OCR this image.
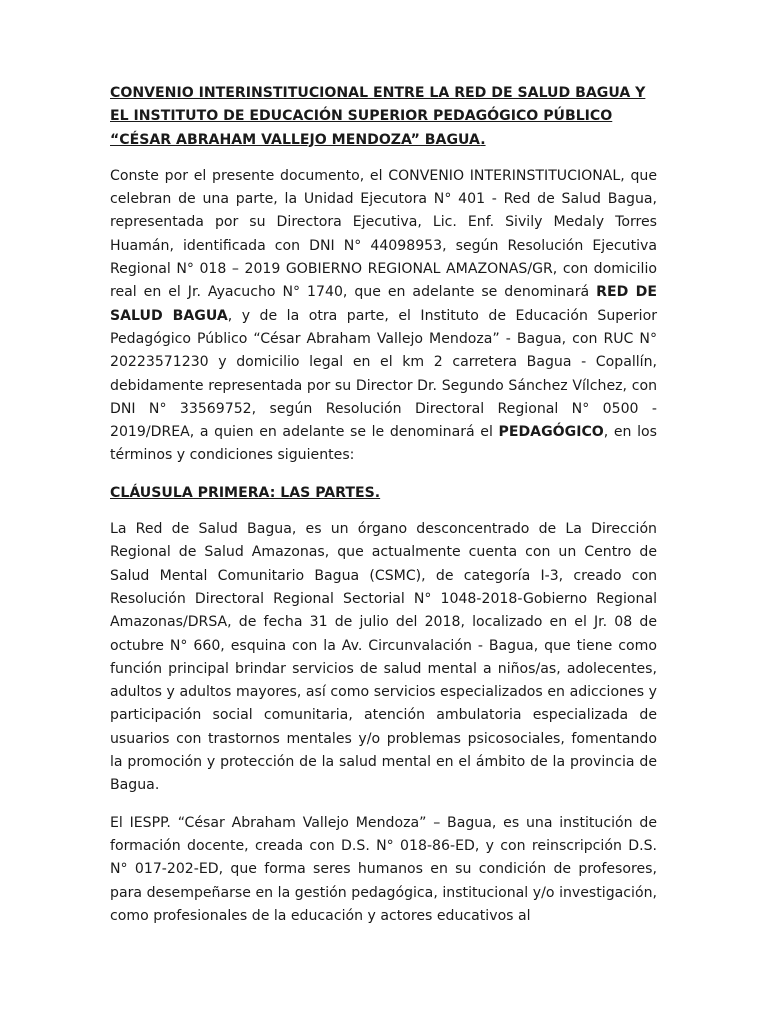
CONVENIO INTERINSTITUCIONAL ENTRE LA RED DE SALUD BAGUA Y
EL INSTITUTO DE EDUCACIÓN SUPERIOR PEDAGÓGICO PÚBLICO
“CÉSAR ABRAHAM VALLEJO MENDOZA” BAGUA.

Conste por el presente documento, el CONVENIO INTERINSTITUCIONAL, que celebran de una parte, la Unidad Ejecutora N° 401 - Red de Salud Bagua, representada por su Directora Ejecutiva, Lic. Enf. Sivily Medaly Torres Huamán, identificada con DNI N° 44098953, según Resolución Ejecutiva Regional N° 018 – 2019 GOBIERNO REGIONAL AMAZONAS/GR, con domicilio real en el Jr. Ayacucho N° 1740, que en adelante se denominará RED DE SALUD BAGUA, y de la otra parte, el Instituto de Educación Superior Pedagógico Público “César Abraham Vallejo Mendoza” - Bagua, con RUC N° 20223571230 y domicilio legal en el km 2 carretera Bagua - Copallín, debidamente representada por su Director Dr. Segundo Sánchez Vílchez, con DNI N° 33569752, según Resolución Directoral Regional N° 0500 - 2019/DREA, a quien en adelante se le denominará el PEDAGÓGICO, en los términos y condiciones siguientes:

CLÁUSULA PRIMERA: LAS PARTES.

La Red de Salud Bagua, es un órgano desconcentrado de La Dirección Regional de Salud Amazonas, que actualmente cuenta con un Centro de Salud Mental Comunitario Bagua (CSMC), de categoría I-3, creado con Resolución Directoral Regional Sectorial N° 1048-2018-Gobierno Regional Amazonas/DRSA, de fecha 31 de julio del 2018, localizado en el Jr. 08 de octubre N° 660, esquina con la Av. Circunvalación - Bagua, que tiene como función principal brindar servicios de salud mental a niños/as, adolecentes, adultos y adultos mayores, así como servicios especializados en adicciones y participación social comunitaria, atención ambulatoria especializada de usuarios con trastornos mentales y/o problemas psicosociales, fomentando la promoción y protección de la salud mental en el ámbito de la provincia de Bagua.

El IESPP. “César Abraham Vallejo Mendoza” – Bagua, es una institución de formación docente, creada con D.S. N° 018-86-ED, y con reinscripción D.S. N° 017-202-ED, que forma seres humanos en su condición de profesores, para desempeñarse en la gestión pedagógica, institucional y/o investigación, como profesionales de la educación y actores educativos al
